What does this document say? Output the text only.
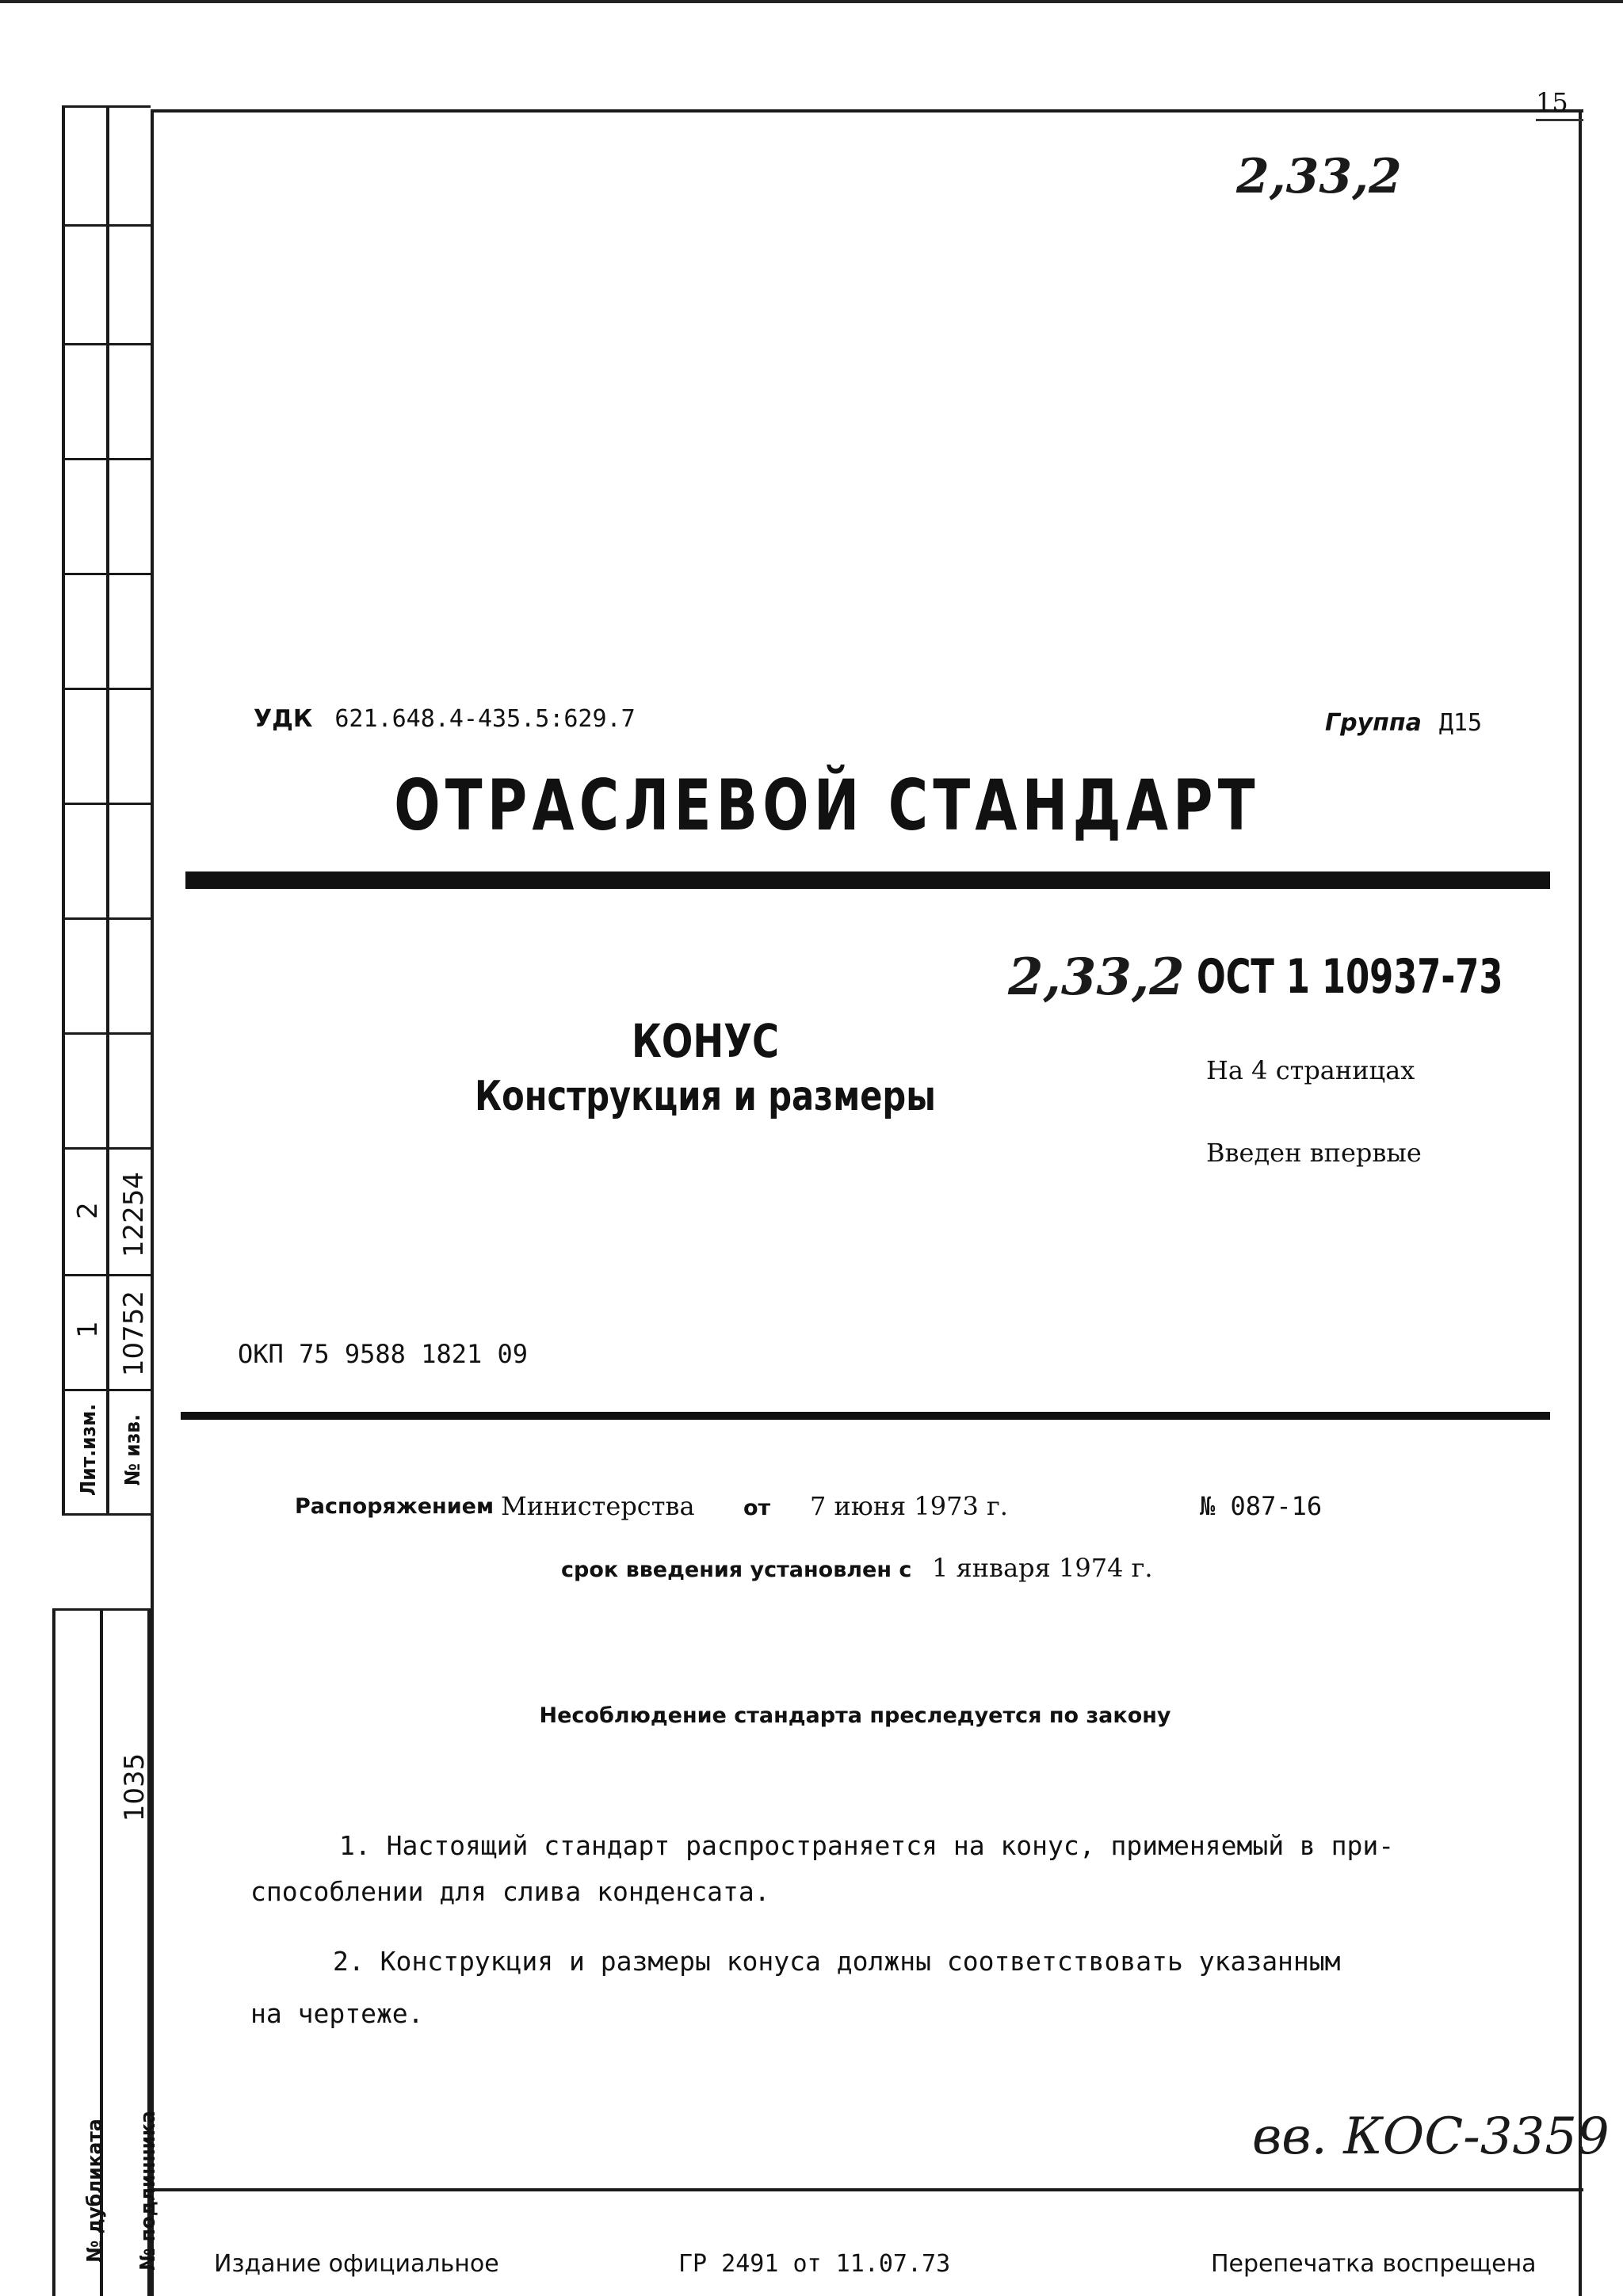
15
2 12254
1 10752
Лит.изм. № изв.
1035
№ дубликата № подлинника
2,33,2
2,33,2
вв. КОС-3359
УДК 621.648.4-435.5:629.7	Группа Д15
ОТРАСЛЕВОЙ СТАНДАРТ
ОСТ 1 10937-73
КОНУС
Конструкция и размеры
На 4 страницах
Введен впервые
ОКП 75 9588 1821 09
Распоряжением Министерства от 7 июня 1973 г.	№ 087-16
срок введения установлен с 1 января 1974 г.
Несоблюдение стандарта преследуется по закону
1. Настоящий стандарт распространяется на конус, применяемый в при-
способлении для слива конденсата.
2. Конструкция и размеры конуса должны соответствовать указанным
на чертеже.
Издание официальное	ГР 2491 от 11.07.73	Перепечатка воспрещена
